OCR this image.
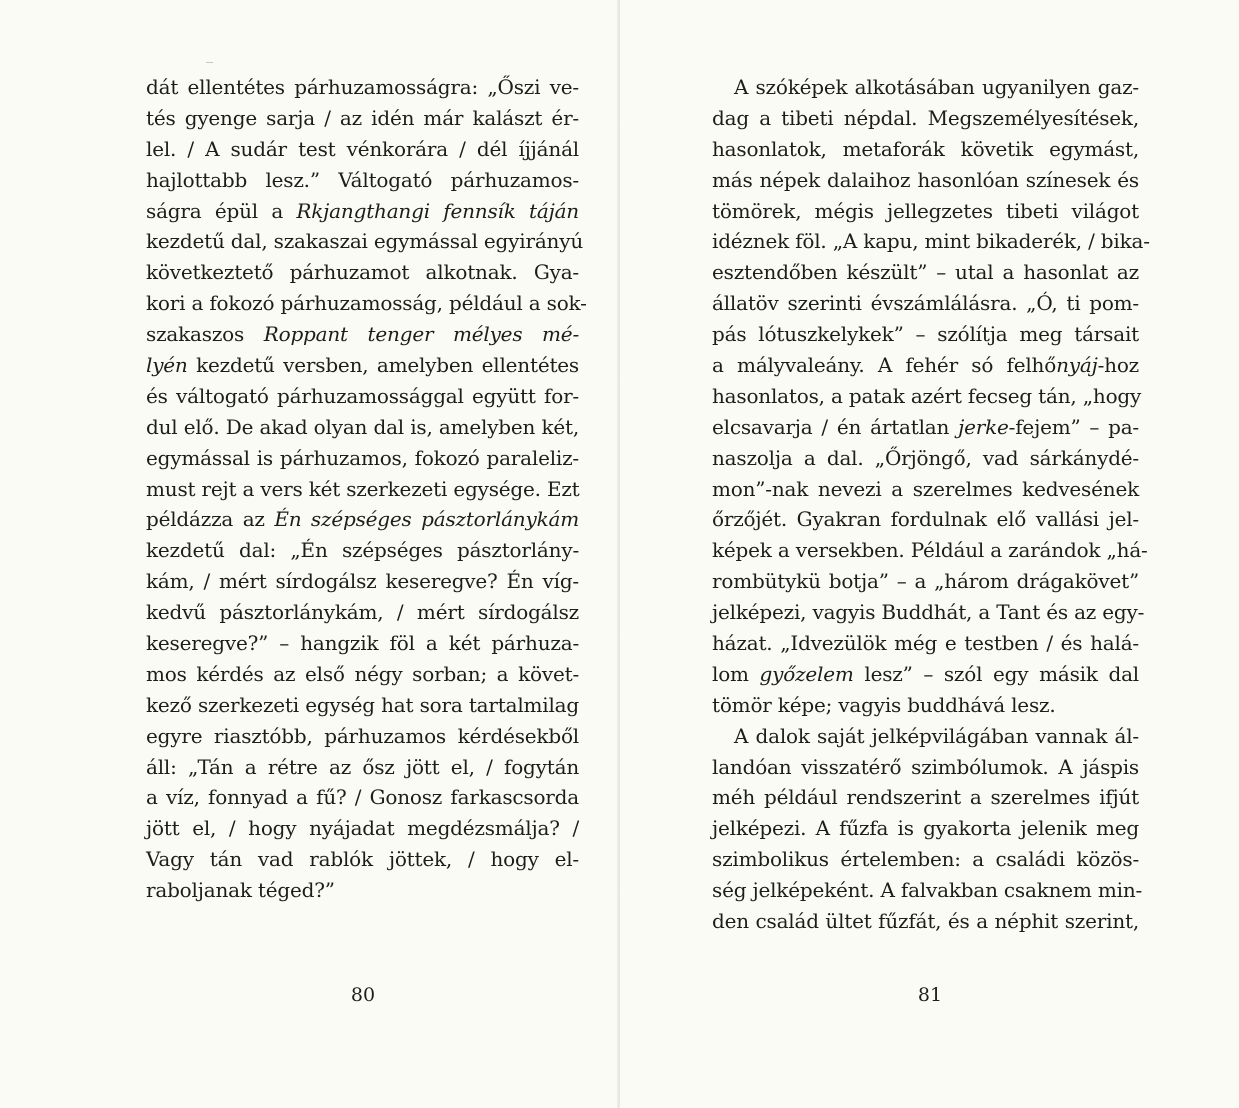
dát ellentétes párhuzamosságra: „Őszi ve-
tés gyenge sarja / az idén már kalászt ér-
lel. / A sudár test vénkorára / dél íjjánál
hajlottabb lesz.” Váltogató párhuzamos-
ságra épül a Rkjangthangi fennsík táján
kezdetű dal, szakaszai egymással egyirányú
következtető párhuzamot alkotnak. Gya-
kori a fokozó párhuzamosság, például a sok-
szakaszos Roppant tenger mélyes mé-
lyén kezdetű versben, amelyben ellentétes
és váltogató párhuzamossággal együtt for-
dul elő. De akad olyan dal is, amelyben két,
egymással is párhuzamos, fokozó paraleliz-
must rejt a vers két szerkezeti egysége. Ezt
példázza az Én szépséges pásztorlánykám
kezdetű dal: „Én szépséges pásztorlány-
kám, / mért sírdogálsz keseregve? Én víg-
kedvű pásztorlánykám, / mért sírdogálsz
keseregve?” – hangzik föl a két párhuza-
mos kérdés az első négy sorban; a követ-
kező szerkezeti egység hat sora tartalmilag
egyre riasztóbb, párhuzamos kérdésekből
áll: „Tán a rétre az ősz jött el, / fogytán
a víz, fonnyad a fű? / Gonosz farkascsorda
jött el, / hogy nyájadat megdézsmálja? /
Vagy tán vad rablók jöttek, / hogy el-
raboljanak téged?”
80
A szóképek alkotásában ugyanilyen gaz-
dag a tibeti népdal. Megszemélyesítések,
hasonlatok, metaforák követik egymást,
más népek dalaihoz hasonlóan színesek és
tömörek, mégis jellegzetes tibeti világot
idéznek föl. „A kapu, mint bikaderék, / bika-
esztendőben készült” – utal a hasonlat az
állatöv szerinti évszámlálásra. „Ó, ti pom-
pás lótuszkelykek” – szólítja meg társait
a mályvaleány. A fehér só felhőnyáj-hoz
hasonlatos, a patak azért fecseg tán, „hogy
elcsavarja / én ártatlan jerke-fejem” – pa-
naszolja a dal. „Őrjöngő, vad sárkánydé-
mon”-nak nevezi a szerelmes kedvesének
őrzőjét. Gyakran fordulnak elő vallási jel-
képek a versekben. Például a zarándok „há-
rombütykü botja” – a „három drágakövet”
jelképezi, vagyis Buddhát, a Tant és az egy-
házat. „Idvezülök még e testben / és halá-
lom győzelem lesz” – szól egy másik dal
tömör képe; vagyis buddhává lesz.
A dalok saját jelképvilágában vannak ál-
landóan visszatérő szimbólumok. A jáspis
méh például rendszerint a szerelmes ifjút
jelképezi. A fűzfa is gyakorta jelenik meg
szimbolikus értelemben: a családi közös-
ség jelképeként. A falvakban csaknem min-
den család ültet fűzfát, és a néphit szerint,
81
